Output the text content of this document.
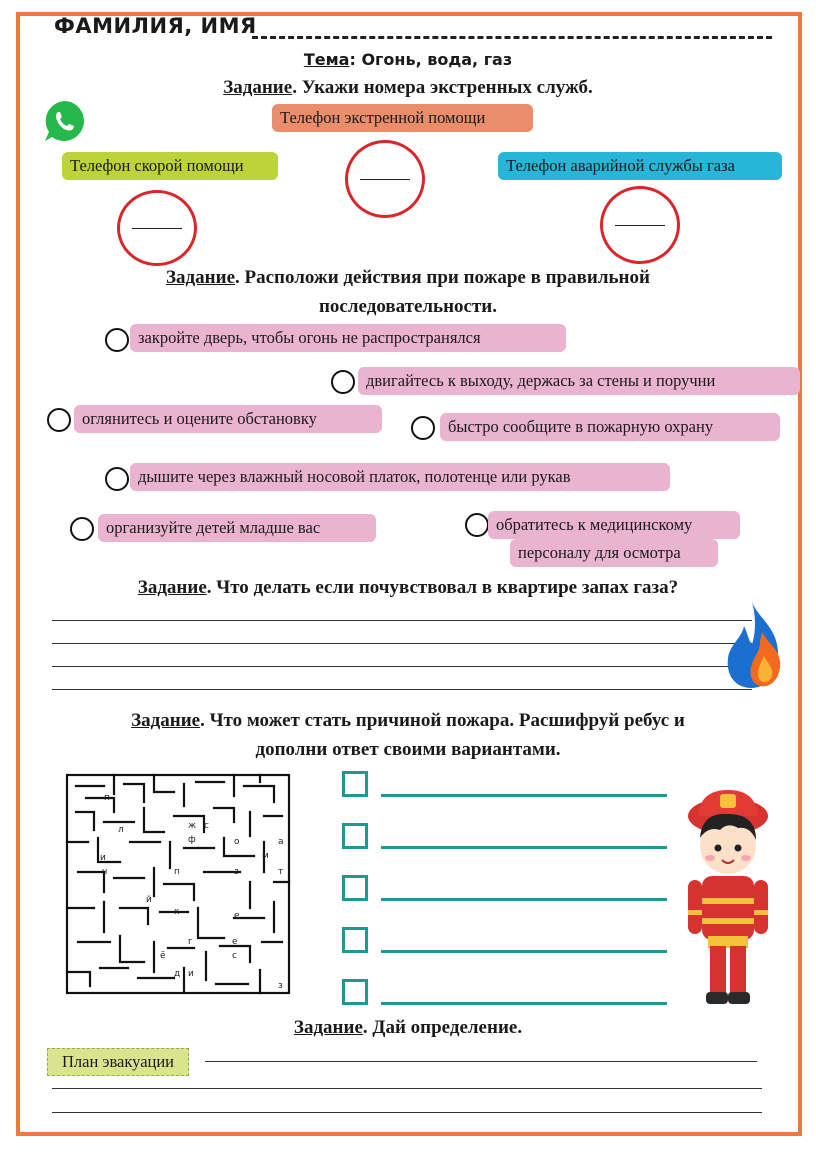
ФАМИЛИЯ, ИМЯ
Тема: Огонь, вода, газ
Задание. Укажи номера экстренных служб.
Телефон экстренной помощи
Телефон скорой помощи	Телефон аварийной службы газа
Задание. Расположи действия при пожаре в правильной последовательности.
закройте дверь, чтобы огонь не распространялся
двигайтесь к выходу, держась за стены и поручни
оглянитесь и оцените обстановку	быстро сообщите в пожарную охрану
дышите через влажный носовой платок, полотенце или рукав
организуйте детей младше вас	обратитесь к медицинскому
персоналу для осмотра
Задание. Что делать если почувствовал в квартире запах газа?
Задание. Что может стать причиной пожара. Расшифруй ребус и
дополни ответ своими вариантами.
п
л	ж с
ф	о	а
м
и
ч	п	з	т
й
к	е
г	е
с
ё
д и
з
Задание. Дай определение.
План эвакуации
